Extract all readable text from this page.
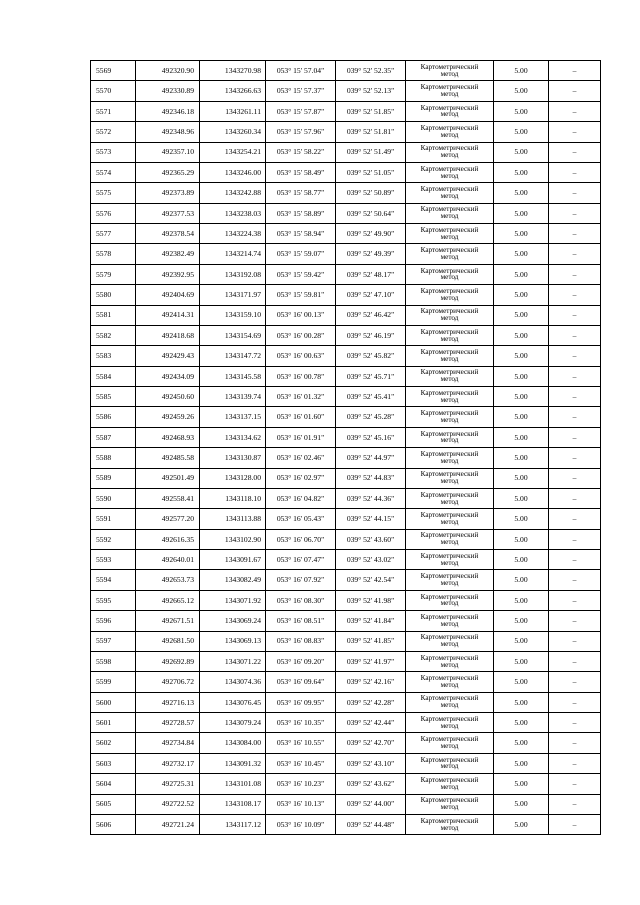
5569	492320.90	1343270.98	053° 15' 57.04"	039° 52' 52.35"	Картометрический
метод	5.00	–
5570	492330.89	1343266.63	053° 15' 57.37"	039° 52' 52.13"	Картометрический
метод	5.00	–
5571	492346.18	1343261.11	053° 15' 57.87"	039° 52' 51.85"	Картометрический
метод	5.00	–
5572	492348.96	1343260.34	053° 15' 57.96"	039° 52' 51.81"	Картометрический
метод	5.00	–
5573	492357.10	1343254.21	053° 15' 58.22"	039° 52' 51.49"	Картометрический
метод	5.00	–
5574	492365.29	1343246.00	053° 15' 58.49"	039° 52' 51.05"	Картометрический
метод	5.00	–
5575	492373.89	1343242.88	053° 15' 58.77"	039° 52' 50.89"	Картометрический
метод	5.00	–
5576	492377.53	1343238.03	053° 15' 58.89"	039° 52' 50.64"	Картометрический
метод	5.00	–
5577	492378.54	1343224.38	053° 15' 58.94"	039° 52' 49.90"	Картометрический
метод	5.00	–
5578	492382.49	1343214.74	053° 15' 59.07"	039° 52' 49.39"	Картометрический
метод	5.00	–
5579	492392.95	1343192.08	053° 15' 59.42"	039° 52' 48.17"	Картометрический
метод	5.00	–
5580	492404.69	1343171.97	053° 15' 59.81"	039° 52' 47.10"	Картометрический
метод	5.00	–
5581	492414.31	1343159.10	053° 16' 00.13"	039° 52' 46.42"	Картометрический
метод	5.00	–
5582	492418.68	1343154.69	053° 16' 00.28"	039° 52' 46.19"	Картометрический
метод	5.00	–
5583	492429.43	1343147.72	053° 16' 00.63"	039° 52' 45.82"	Картометрический
метод	5.00	–
5584	492434.09	1343145.58	053° 16' 00.78"	039° 52' 45.71"	Картометрический
метод	5.00	–
5585	492450.60	1343139.74	053° 16' 01.32"	039° 52' 45.41"	Картометрический
метод	5.00	–
5586	492459.26	1343137.15	053° 16' 01.60"	039° 52' 45.28"	Картометрический
метод	5.00	–
5587	492468.93	1343134.62	053° 16' 01.91"	039° 52' 45.16"	Картометрический
метод	5.00	–
5588	492485.58	1343130.87	053° 16' 02.46"	039° 52' 44.97"	Картометрический
метод	5.00	–
5589	492501.49	1343128.00	053° 16' 02.97"	039° 52' 44.83"	Картометрический
метод	5.00	–
5590	492558.41	1343118.10	053° 16' 04.82"	039° 52' 44.36"	Картометрический
метод	5.00	–
5591	492577.20	1343113.88	053° 16' 05.43"	039° 52' 44.15"	Картометрический
метод	5.00	–
5592	492616.35	1343102.90	053° 16' 06.70"	039° 52' 43.60"	Картометрический
метод	5.00	–
5593	492640.01	1343091.67	053° 16' 07.47"	039° 52' 43.02"	Картометрический
метод	5.00	–
5594	492653.73	1343082.49	053° 16' 07.92"	039° 52' 42.54"	Картометрический
метод	5.00	–
5595	492665.12	1343071.92	053° 16' 08.30"	039° 52' 41.98"	Картометрический
метод	5.00	–
5596	492671.51	1343069.24	053° 16' 08.51"	039° 52' 41.84"	Картометрический
метод	5.00	–
5597	492681.50	1343069.13	053° 16' 08.83"	039° 52' 41.85"	Картометрический
метод	5.00	–
5598	492692.89	1343071.22	053° 16' 09.20"	039° 52' 41.97"	Картометрический
метод	5.00	–
5599	492706.72	1343074.36	053° 16' 09.64"	039° 52' 42.16"	Картометрический
метод	5.00	–
5600	492716.13	1343076.45	053° 16' 09.95"	039° 52' 42.28"	Картометрический
метод	5.00	–
5601	492728.57	1343079.24	053° 16' 10.35"	039° 52' 42.44"	Картометрический
метод	5.00	–
5602	492734.84	1343084.00	053° 16' 10.55"	039° 52' 42.70"	Картометрический
метод	5.00	–
5603	492732.17	1343091.32	053° 16' 10.45"	039° 52' 43.10"	Картометрический
метод	5.00	–
5604	492725.31	1343101.08	053° 16' 10.23"	039° 52' 43.62"	Картометрический
метод	5.00	–
5605	492722.52	1343108.17	053° 16' 10.13"	039° 52' 44.00"	Картометрический
метод	5.00	–
5606	492721.24	1343117.12	053° 16' 10.09"	039° 52' 44.48"	Картометрический
метод	5.00	–
